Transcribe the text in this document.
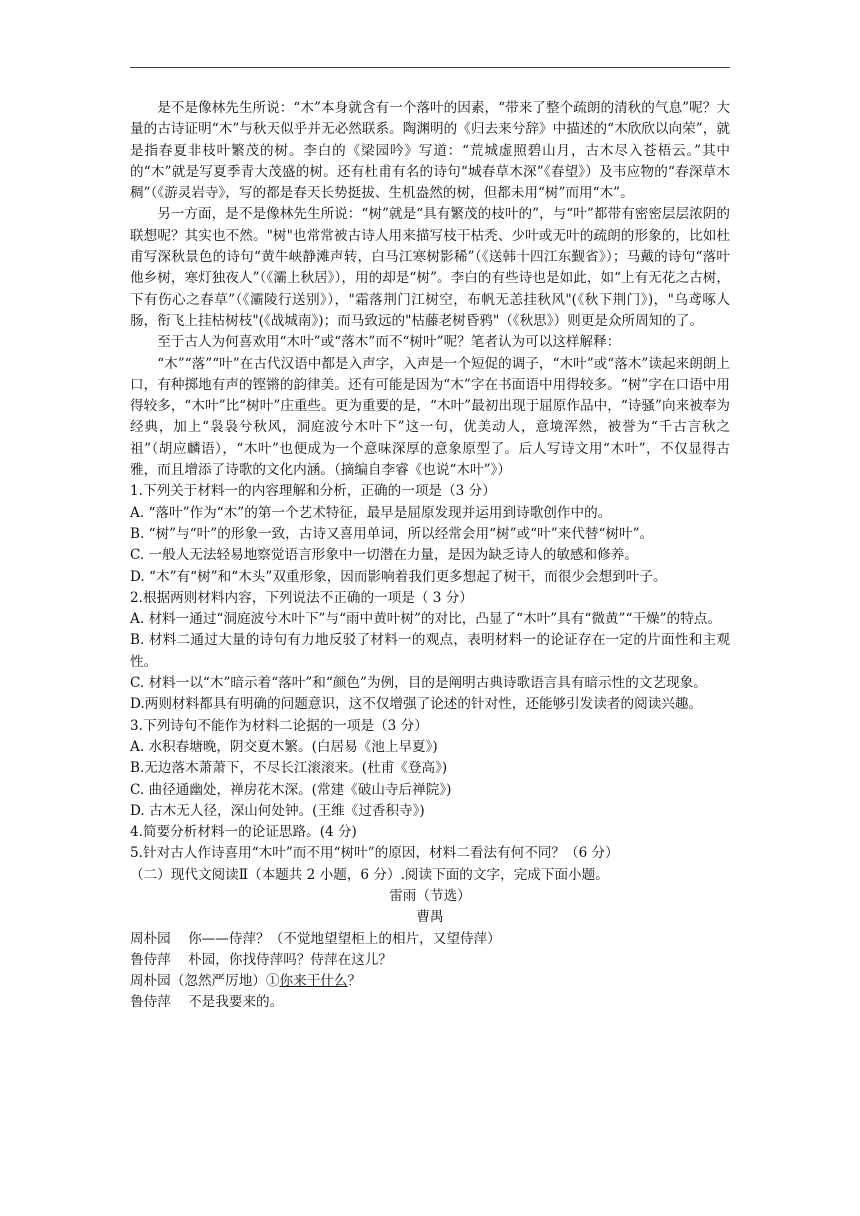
是不是像林先生所说：“木”本身就含有一个落叶的因素，“带来了整个疏朗的清秋的气息”呢？大量的古诗证明“木”与秋天似乎并无必然联系。陶渊明的《归去来兮辞》中描述的“木欣欣以向荣”，就是指春夏非枝叶繁茂的树。李白的《梁园吟》写道：“荒城虚照碧山月，古木尽入苍梧云。”其中的“木”就是写夏季青大茂盛的树。还有杜甫有名的诗句“城春草木深”《春望》）及韦应物的“春深草木稠”（《游灵岩寺》，写的都是春天长势挺拔、生机盎然的树，但都未用“树”而用“木”。

另一方面，是不是像林先生所说：“树”就是“具有繁茂的枝叶的”，与“叶”都带有密密层层浓阴的联想呢？其实也不然。"树"也常常被古诗人用来描写枝干枯秃、少叶或无叶的疏朗的形象的，比如杜甫写深秋景色的诗句“黄牛峡静滩声转，白马江寒树影稀”（《送韩十四江东觐省》）；马戴的诗句“落叶他乡树，寒灯独夜人”（《灞上秋居》），用的却是“树”。李白的有些诗也是如此，如“上有无花之古树，下有伤心之春草”（《灞陵行送别》），"霜落荆门江树空，布帆无恙挂秋风"(《秋下荆门》)，"乌鸢啄人肠，衔飞上挂枯树枝"(《战城南》)；而马致远的"枯藤老树昏鸦"（《秋思》）则更是众所周知的了。

至于古人为何喜欢用“木叶”或“落木”而不“树叶”呢？笔者认为可以这样解释：

“木”“落”“叶”在古代汉语中都是入声字，入声是一个短促的调子，“木叶”或“落木”读起来朗朗上口，有种掷地有声的铿锵的韵律美。还有可能是因为“木”字在书面语中用得较多。“树”字在口语中用得较多，“木叶”比“树叶”庄重些。更为重要的是，“木叶”最初出现于屈原作品中，“诗骚”向来被奉为经典，加上“袅袅兮秋风，洞庭波兮木叶下”这一句，优美动人，意境浑然，被誉为“千古言秋之祖”（胡应麟语），“木叶”也便成为一个意味深厚的意象原型了。后人写诗文用“木叶”，不仅显得古雅，而且增添了诗歌的文化内涵。（摘编自李睿《也说“木叶”》）

1.下列关于材料一的内容理解和分析，正确的一项是（3 分）

A. “落叶”作为“木”的第一个艺术特征，最早是屈原发现并运用到诗歌创作中的。

B. “树”与“叶”的形象一致，古诗又喜用单词，所以经常会用“树”或“叶”来代替“树叶”。

C. 一般人无法轻易地察觉语言形象中一切潜在力量，是因为缺乏诗人的敏感和修养。

D. “木”有“树”和“木头”双重形象，因而影响着我们更多想起了树干，而很少会想到叶子。

2.根据两则材料内容，下列说法不正确的一项是（ 3 分）

A. 材料一通过“洞庭波兮木叶下”与“雨中黄叶树”的对比，凸显了“木叶”具有“微黄”“干燥”的特点。

B. 材料二通过大量的诗句有力地反驳了材料一的观点，表明材料一的论证存在一定的片面性和主观性。

C. 材料一以“木”暗示着“落叶”和“颜色”为例，目的是阐明古典诗歌语言具有暗示性的文艺现象。

D.两则材料都具有明确的问题意识，这不仅增强了论述的针对性，还能够引发读者的阅读兴趣。

3.下列诗句不能作为材料二论据的一项是（3 分）

A. 水积春塘晚，阴交夏木繁。(白居易《池上早夏》)

B.无边落木萧萧下，不尽长江滚滚来。(杜甫《登高》)

C. 曲径通幽处，禅房花木深。(常建《破山寺后禅院》)

D. 古木无人径，深山何处钟。(王维《过香积寺》)

4.简要分析材料一的论证思路。(4 分)

5.针对古人作诗喜用“木叶”而不用“树叶”的原因，材料二看法有何不同？（6 分）

（二）现代文阅读Ⅱ（本题共 2 小题，6 分）.阅读下面的文字，完成下面小题。

雷雨（节选）

曹禺

周朴园 你——侍萍？（不觉地望望柜上的相片，又望侍萍）

鲁侍萍 朴园，你找侍萍吗？侍萍在这儿？

周朴园（忽然严厉地）①你来干什么？

鲁侍萍 不是我要来的。
